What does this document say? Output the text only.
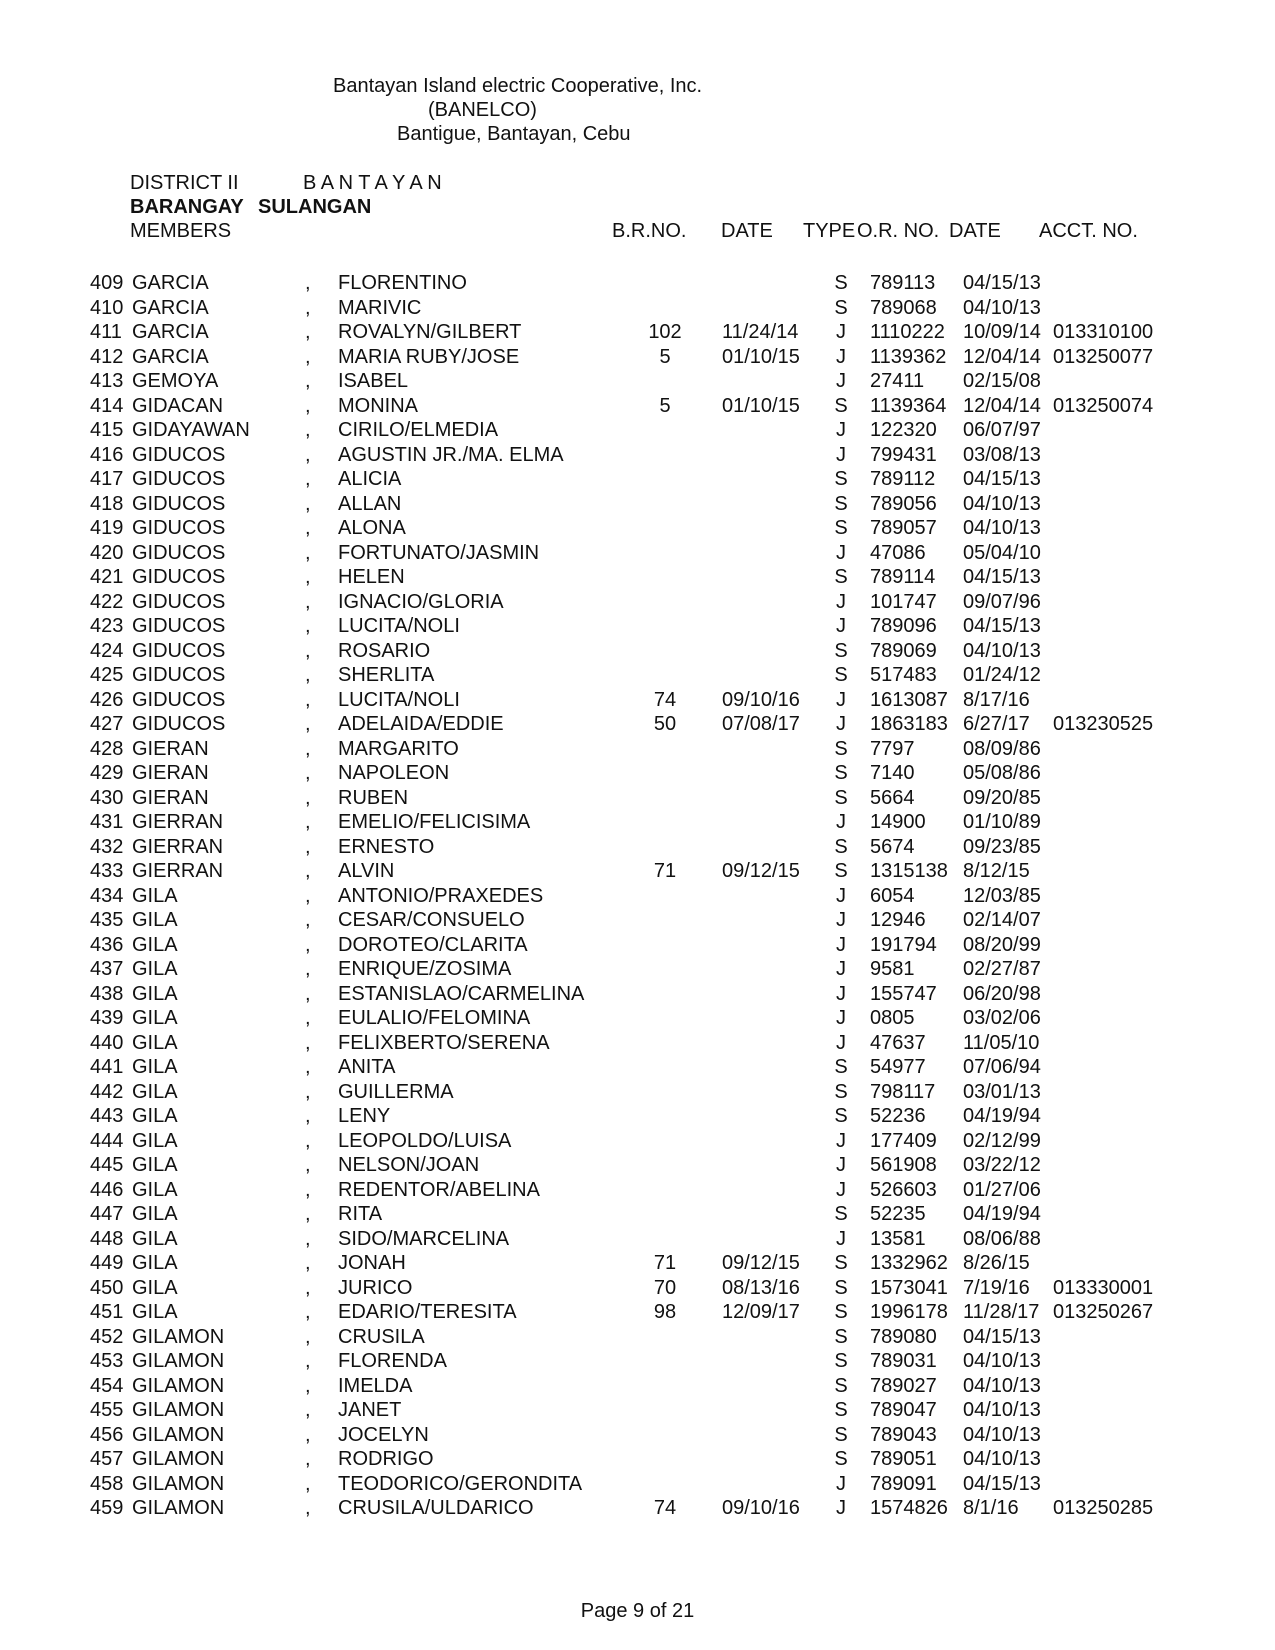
Bantayan Island electric Cooperative, Inc.
(BANELCO)
Bantigue, Bantayan, Cebu
DISTRICT II	B A N T A Y A N
BARANGAY SULANGAN
MEMBERS	B.R.NO. DATE TYPE O.R. NO. DATE ACCT. NO.
409 GARCIA	, FLORENTINO	S 789113 04/15/13
410 GARCIA	, MARIVIC	S 789068 04/10/13
411 GARCIA	, ROVALYN/GILBERT	102	11/24/14 J 1110222 10/09/14 013310100
412 GARCIA	, MARIA RUBY/JOSE	5	01/10/15 J 1139362 12/04/14 013250077
413 GEMOYA	, ISABEL	J 27411 02/15/08
414 GIDACAN	, MONINA	5	01/10/15 S 1139364 12/04/14 013250074
415 GIDAYAWAN	, CIRILO/ELMEDIA	J 122320 06/07/97
416 GIDUCOS	, AGUSTIN JR./MA. ELMA	J 799431 03/08/13
417 GIDUCOS	, ALICIA	S 789112 04/15/13
418 GIDUCOS	, ALLAN	S 789056 04/10/13
419 GIDUCOS	, ALONA	S 789057 04/10/13
420 GIDUCOS	, FORTUNATO/JASMIN	J 47086 05/04/10
421 GIDUCOS	, HELEN	S 789114 04/15/13
422 GIDUCOS	, IGNACIO/GLORIA	J 101747 09/07/96
423 GIDUCOS	, LUCITA/NOLI	J 789096 04/15/13
424 GIDUCOS	, ROSARIO	S 789069 04/10/13
425 GIDUCOS	, SHERLITA	S 517483 01/24/12
426 GIDUCOS	, LUCITA/NOLI	74	09/10/16 J 1613087 8/17/16
427 GIDUCOS	, ADELAIDA/EDDIE	50	07/08/17 J 1863183 6/27/17 013230525
428 GIERAN	, MARGARITO	S 7797 08/09/86
429 GIERAN	, NAPOLEON	S 7140 05/08/86
430 GIERAN	, RUBEN	S 5664 09/20/85
431 GIERRAN	, EMELIO/FELICISIMA	J 14900 01/10/89
432 GIERRAN	, ERNESTO	S 5674 09/23/85
433 GIERRAN	, ALVIN	71	09/12/15 S 1315138 8/12/15
434 GILA	, ANTONIO/PRAXEDES	J 6054 12/03/85
435 GILA	, CESAR/CONSUELO	J 12946 02/14/07
436 GILA	, DOROTEO/CLARITA	J 191794 08/20/99
437 GILA	, ENRIQUE/ZOSIMA	J 9581 02/27/87
438 GILA	, ESTANISLAO/CARMELINA	J 155747 06/20/98
439 GILA	, EULALIO/FELOMINA	J 0805 03/02/06
440 GILA	, FELIXBERTO/SERENA	J 47637 11/05/10
441 GILA	, ANITA	S 54977 07/06/94
442 GILA	, GUILLERMA	S 798117 03/01/13
443 GILA	, LENY	S 52236 04/19/94
444 GILA	, LEOPOLDO/LUISA	J 177409 02/12/99
445 GILA	, NELSON/JOAN	J 561908 03/22/12
446 GILA	, REDENTOR/ABELINA	J 526603 01/27/06
447 GILA	, RITA	S 52235 04/19/94
448 GILA	, SIDO/MARCELINA	J 13581 08/06/88
449 GILA	, JONAH	71	09/12/15 S 1332962 8/26/15
450 GILA	, JURICO	70	08/13/16 S 1573041 7/19/16 013330001
451 GILA	, EDARIO/TERESITA	98	12/09/17 S 1996178 11/28/17 013250267
452 GILAMON	, CRUSILA	S 789080 04/15/13
453 GILAMON	, FLORENDA	S 789031 04/10/13
454 GILAMON	, IMELDA	S 789027 04/10/13
455 GILAMON	, JANET	S 789047 04/10/13
456 GILAMON	, JOCELYN	S 789043 04/10/13
457 GILAMON	, RODRIGO	S 789051 04/10/13
458 GILAMON	, TEODORICO/GERONDITA	J 789091 04/15/13
459 GILAMON	, CRUSILA/ULDARICO	74	09/10/16 J 1574826 8/1/16 013250285
Page 9 of 21
